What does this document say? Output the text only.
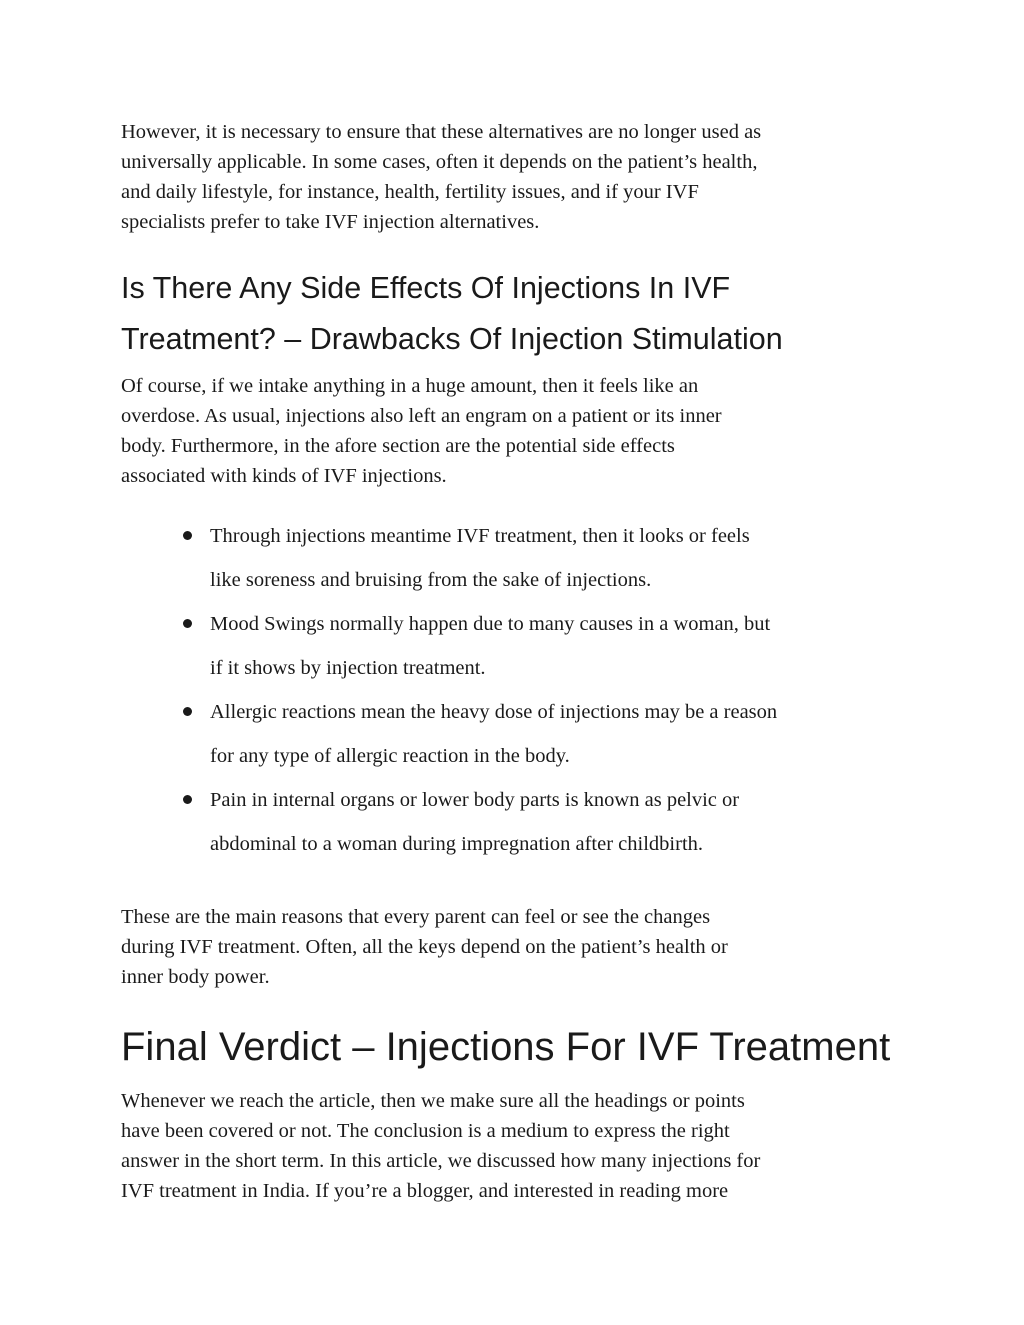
However, it is necessary to ensure that these alternatives are no longer used as
universally applicable. In some cases, often it depends on the patient’s health,
and daily lifestyle, for instance, health, fertility issues, and if your IVF
specialists prefer to take IVF injection alternatives.

Is There Any Side Effects Of Injections In IVF
Treatment? – Drawbacks Of Injection Stimulation

Of course, if we intake anything in a huge amount, then it feels like an
overdose. As usual, injections also left an engram on a patient or its inner
body. Furthermore, in the afore section are the potential side effects
associated with kinds of IVF injections.

Through injections meantime IVF treatment, then it looks or feels
like soreness and bruising from the sake of injections.
Mood Swings normally happen due to many causes in a woman, but
if it shows by injection treatment.
Allergic reactions mean the heavy dose of injections may be a reason
for any type of allergic reaction in the body.
Pain in internal organs or lower body parts is known as pelvic or
abdominal to a woman during impregnation after childbirth.

These are the main reasons that every parent can feel or see the changes
during IVF treatment. Often, all the keys depend on the patient’s health or
inner body power.

Final Verdict – Injections For IVF Treatment

Whenever we reach the article, then we make sure all the headings or points
have been covered or not. The conclusion is a medium to express the right
answer in the short term. In this article, we discussed how many injections for
IVF treatment in India. If you’re a blogger, and interested in reading more
